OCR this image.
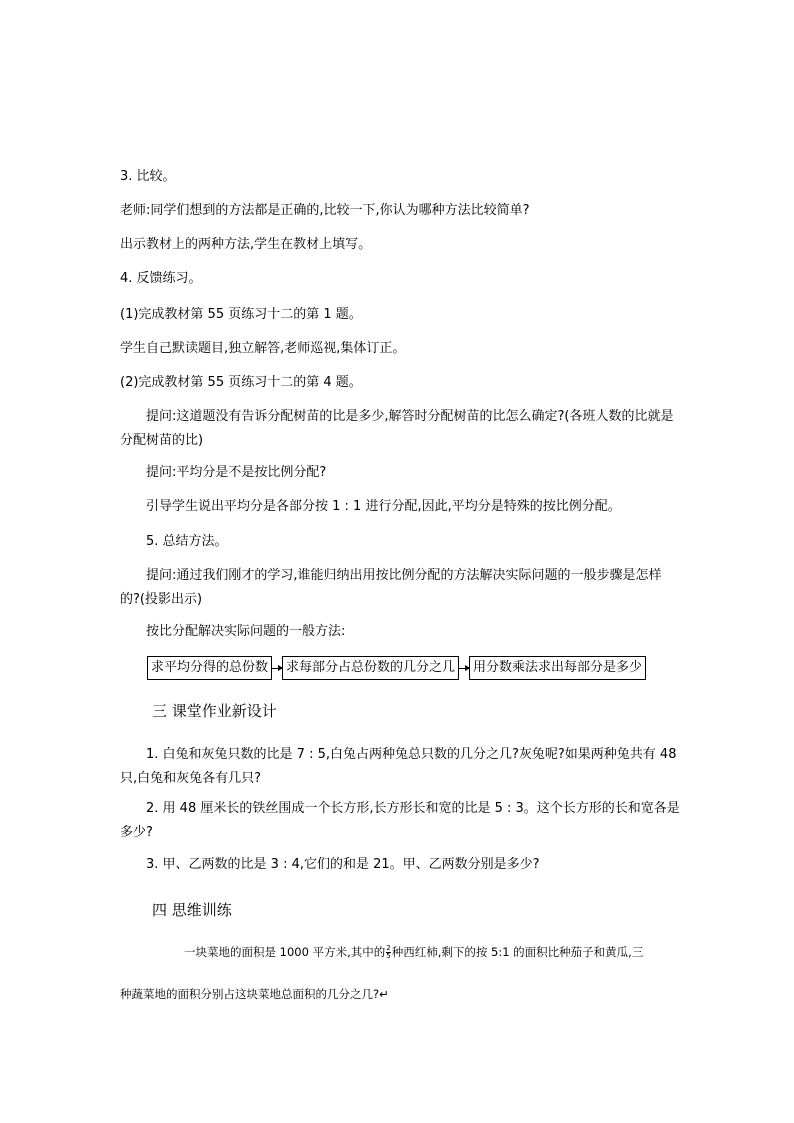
3. 比较。

老师:同学们想到的方法都是正确的,比较一下,你认为哪种方法比较简单?

出示教材上的两种方法,学生在教材上填写。

4. 反馈练习。

(1)完成教材第 55 页练习十二的第 1 题。

学生自己默读题目,独立解答,老师巡视,集体订正。

(2)完成教材第 55 页练习十二的第 4 题。

提问:这道题没有告诉分配树苗的比是多少,解答时分配树苗的比怎么确定?(各班人数的比就是分配树苗的比)

提问:平均分是不是按比例分配?

引导学生说出平均分是各部分按 1 : 1 进行分配,因此,平均分是特殊的按比例分配。

5. 总结方法。

提问:通过我们刚才的学习,谁能归纳出用按比例分配的方法解决实际问题的一般步骤是怎样的?(投影出示)

按比分配解决实际问题的一般方法:

求平均分得的总份数	求每部分占总份数的几分之几	用分数乘法求出每部分是多少

三 课堂作业新设计

1. 白兔和灰兔只数的比是 7 : 5,白兔占两种兔总只数的几分之几?灰兔呢?如果两种兔共有 48 只,白兔和灰兔各有几只?

2. 用 48 厘米长的铁丝围成一个长方形,长方形长和宽的比是 5 : 3。这个长方形的长和宽各是多少?

3. 甲、乙两数的比是 3 : 4,它们的和是 21。甲、乙两数分别是多少?

四 思维训练

一块菜地的面积是 1000 平方米,其中的 $\frac{2}{5}$ 种西红柿,剩下的按 5:1 的面积比种茄子和黄瓜,三

种蔬菜地的面积分别占这块菜地总面积的几分之几?↵
